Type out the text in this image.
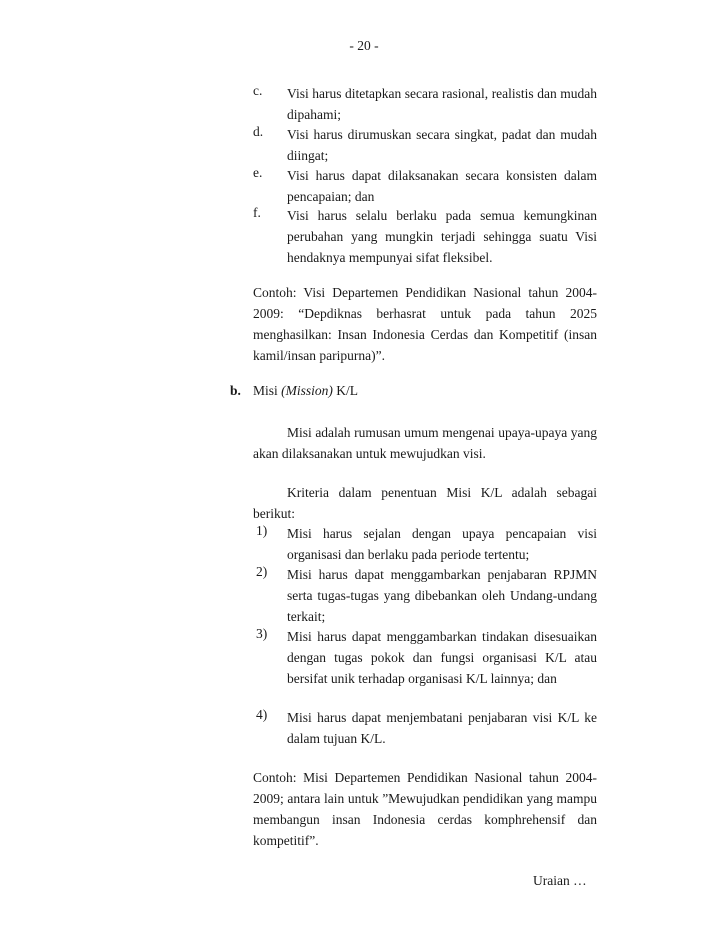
- 20 -
c. Visi harus ditetapkan secara rasional, realistis dan mudah dipahami;
d. Visi harus dirumuskan secara singkat, padat dan mudah diingat;
e. Visi harus dapat dilaksanakan secara konsisten dalam pencapaian; dan
f. Visi harus selalu berlaku pada semua kemungkinan perubahan yang mungkin terjadi sehingga suatu Visi hendaknya mempunyai sifat fleksibel.
Contoh: Visi Departemen Pendidikan Nasional tahun 2004-2009: “Depdiknas berhasrat untuk pada tahun 2025 menghasilkan: Insan Indonesia Cerdas dan Kompetitif (insan kamil/insan paripurna)”.
b. Misi (Mission) K/L
Misi adalah rumusan umum mengenai upaya-upaya yang akan dilaksanakan untuk mewujudkan visi.
Kriteria dalam penentuan Misi K/L adalah sebagai berikut:
1) Misi harus sejalan dengan upaya pencapaian visi organisasi dan berlaku pada periode tertentu;
2) Misi harus dapat menggambarkan penjabaran RPJMN serta tugas-tugas yang dibebankan oleh Undang-undang terkait;
3) Misi harus dapat menggambarkan tindakan disesuaikan dengan tugas pokok dan fungsi organisasi K/L atau bersifat unik terhadap organisasi K/L lainnya; dan
4) Misi harus dapat menjembatani penjabaran visi K/L ke dalam tujuan K/L.
Contoh: Misi Departemen Pendidikan Nasional tahun 2004-2009; antara lain untuk ”Mewujudkan pendidikan yang mampu membangun insan Indonesia cerdas komphrehensif dan kompetitif”.
Uraian …
